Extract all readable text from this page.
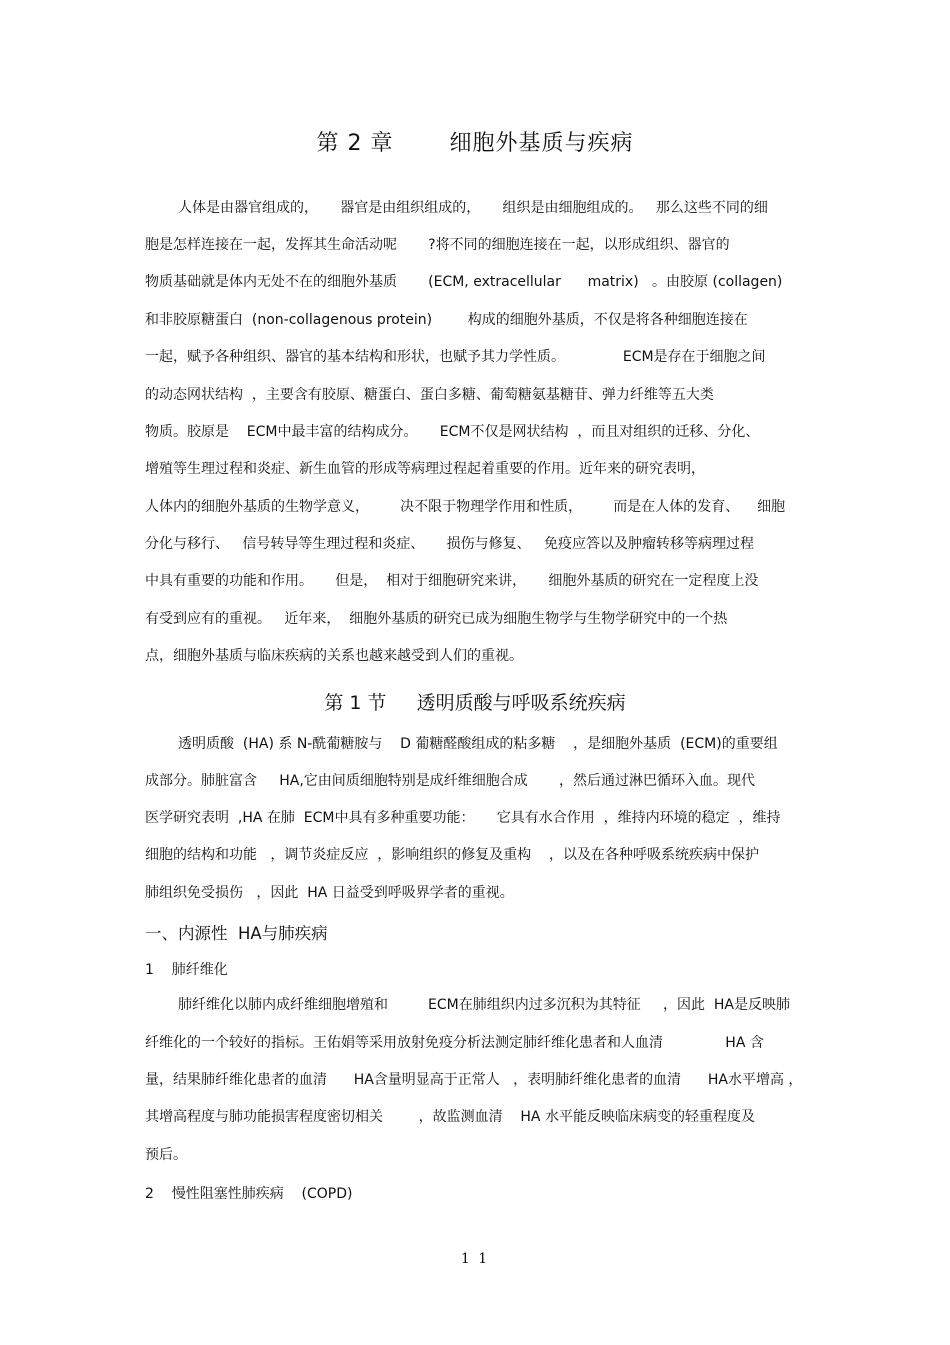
第 2 章       细胞外基质与疾病
人体是由器官组成的，     器官是由组织组成的，     组织是由细胞组成的。   那么这些不同的细
胞是怎样连接在一起，发挥其生命活动呢       ?将不同的细胞连接在一起，以形成组织、器官的
物质基础就是体内无处不在的细胞外基质       (ECM, extracellular      matrix)   。由胶原 (collagen)
和非胶原糖蛋白  (non-collagenous protein)        构成的细胞外基质，不仅是将各种细胞连接在
一起，赋予各种组织、器官的基本结构和形状，也赋予其力学性质。             ECM是存在于细胞之间
的动态网状结构  ，主要含有胶原、糖蛋白、蛋白多糖、葡萄糖氨基糖苷、弹力纤维等五大类
物质。胶原是    ECM中最丰富的结构成分。     ECM不仅是网状结构  ，而且对组织的迁移、分化、
增殖等生理过程和炎症、新生血管的形成等病理过程起着重要的作用。近年来的研究表明，
人体内的细胞外基质的生物学意义，       决不限于物理学作用和性质，       而是在人体的发育、    细胞
分化与移行、   信号转导等生理过程和炎症、     损伤与修复、   免疫应答以及肿瘤转移等病理过程
中具有重要的功能和作用。     但是，  相对于细胞研究来讲，     细胞外基质的研究在一定程度上没
有受到应有的重视。   近年来，  细胞外基质的研究已成为细胞生物学与生物学研究中的一个热
点，细胞外基质与临床疾病的关系也越来越受到人们的重视。
第 1 节     透明质酸与呼吸系统疾病
透明质酸  (HA) 系 N-酰葡糖胺与    D 葡糖醛酸组成的粘多糖    ，是细胞外基质  (ECM)的重要组
成部分。肺脏富含     HA,它由间质细胞特别是成纤维细胞合成       ，然后通过淋巴循环入血。现代
医学研究表明  ,HA 在肺  ECM中具有多种重要功能：     它具有水合作用  ，维持内环境的稳定  ，维持
细胞的结构和功能   ，调节炎症反应  ，影响组织的修复及重构    ，以及在各种呼吸系统疾病中保护
肺组织免受损伤   ，因此  HA 日益受到呼吸界学者的重视。
一、内源性  HA与肺疾病
1    肺纤维化
肺纤维化以肺内成纤维细胞增殖和         ECM在肺组织内过多沉积为其特征     ，因此  HA是反映肺
纤维化的一个较好的指标。王佑娟等采用放射免疫分析法测定肺纤维化患者和人血清              HA 含
量，结果肺纤维化患者的血清      HA含量明显高于正常人   ，表明肺纤维化患者的血清      HA水平增高 ，
其增高程度与肺功能损害程度密切相关        ，故监测血清    HA 水平能反映临床病变的轻重程度及
预后。
2    慢性阻塞性肺疾病    (COPD)
1 1
